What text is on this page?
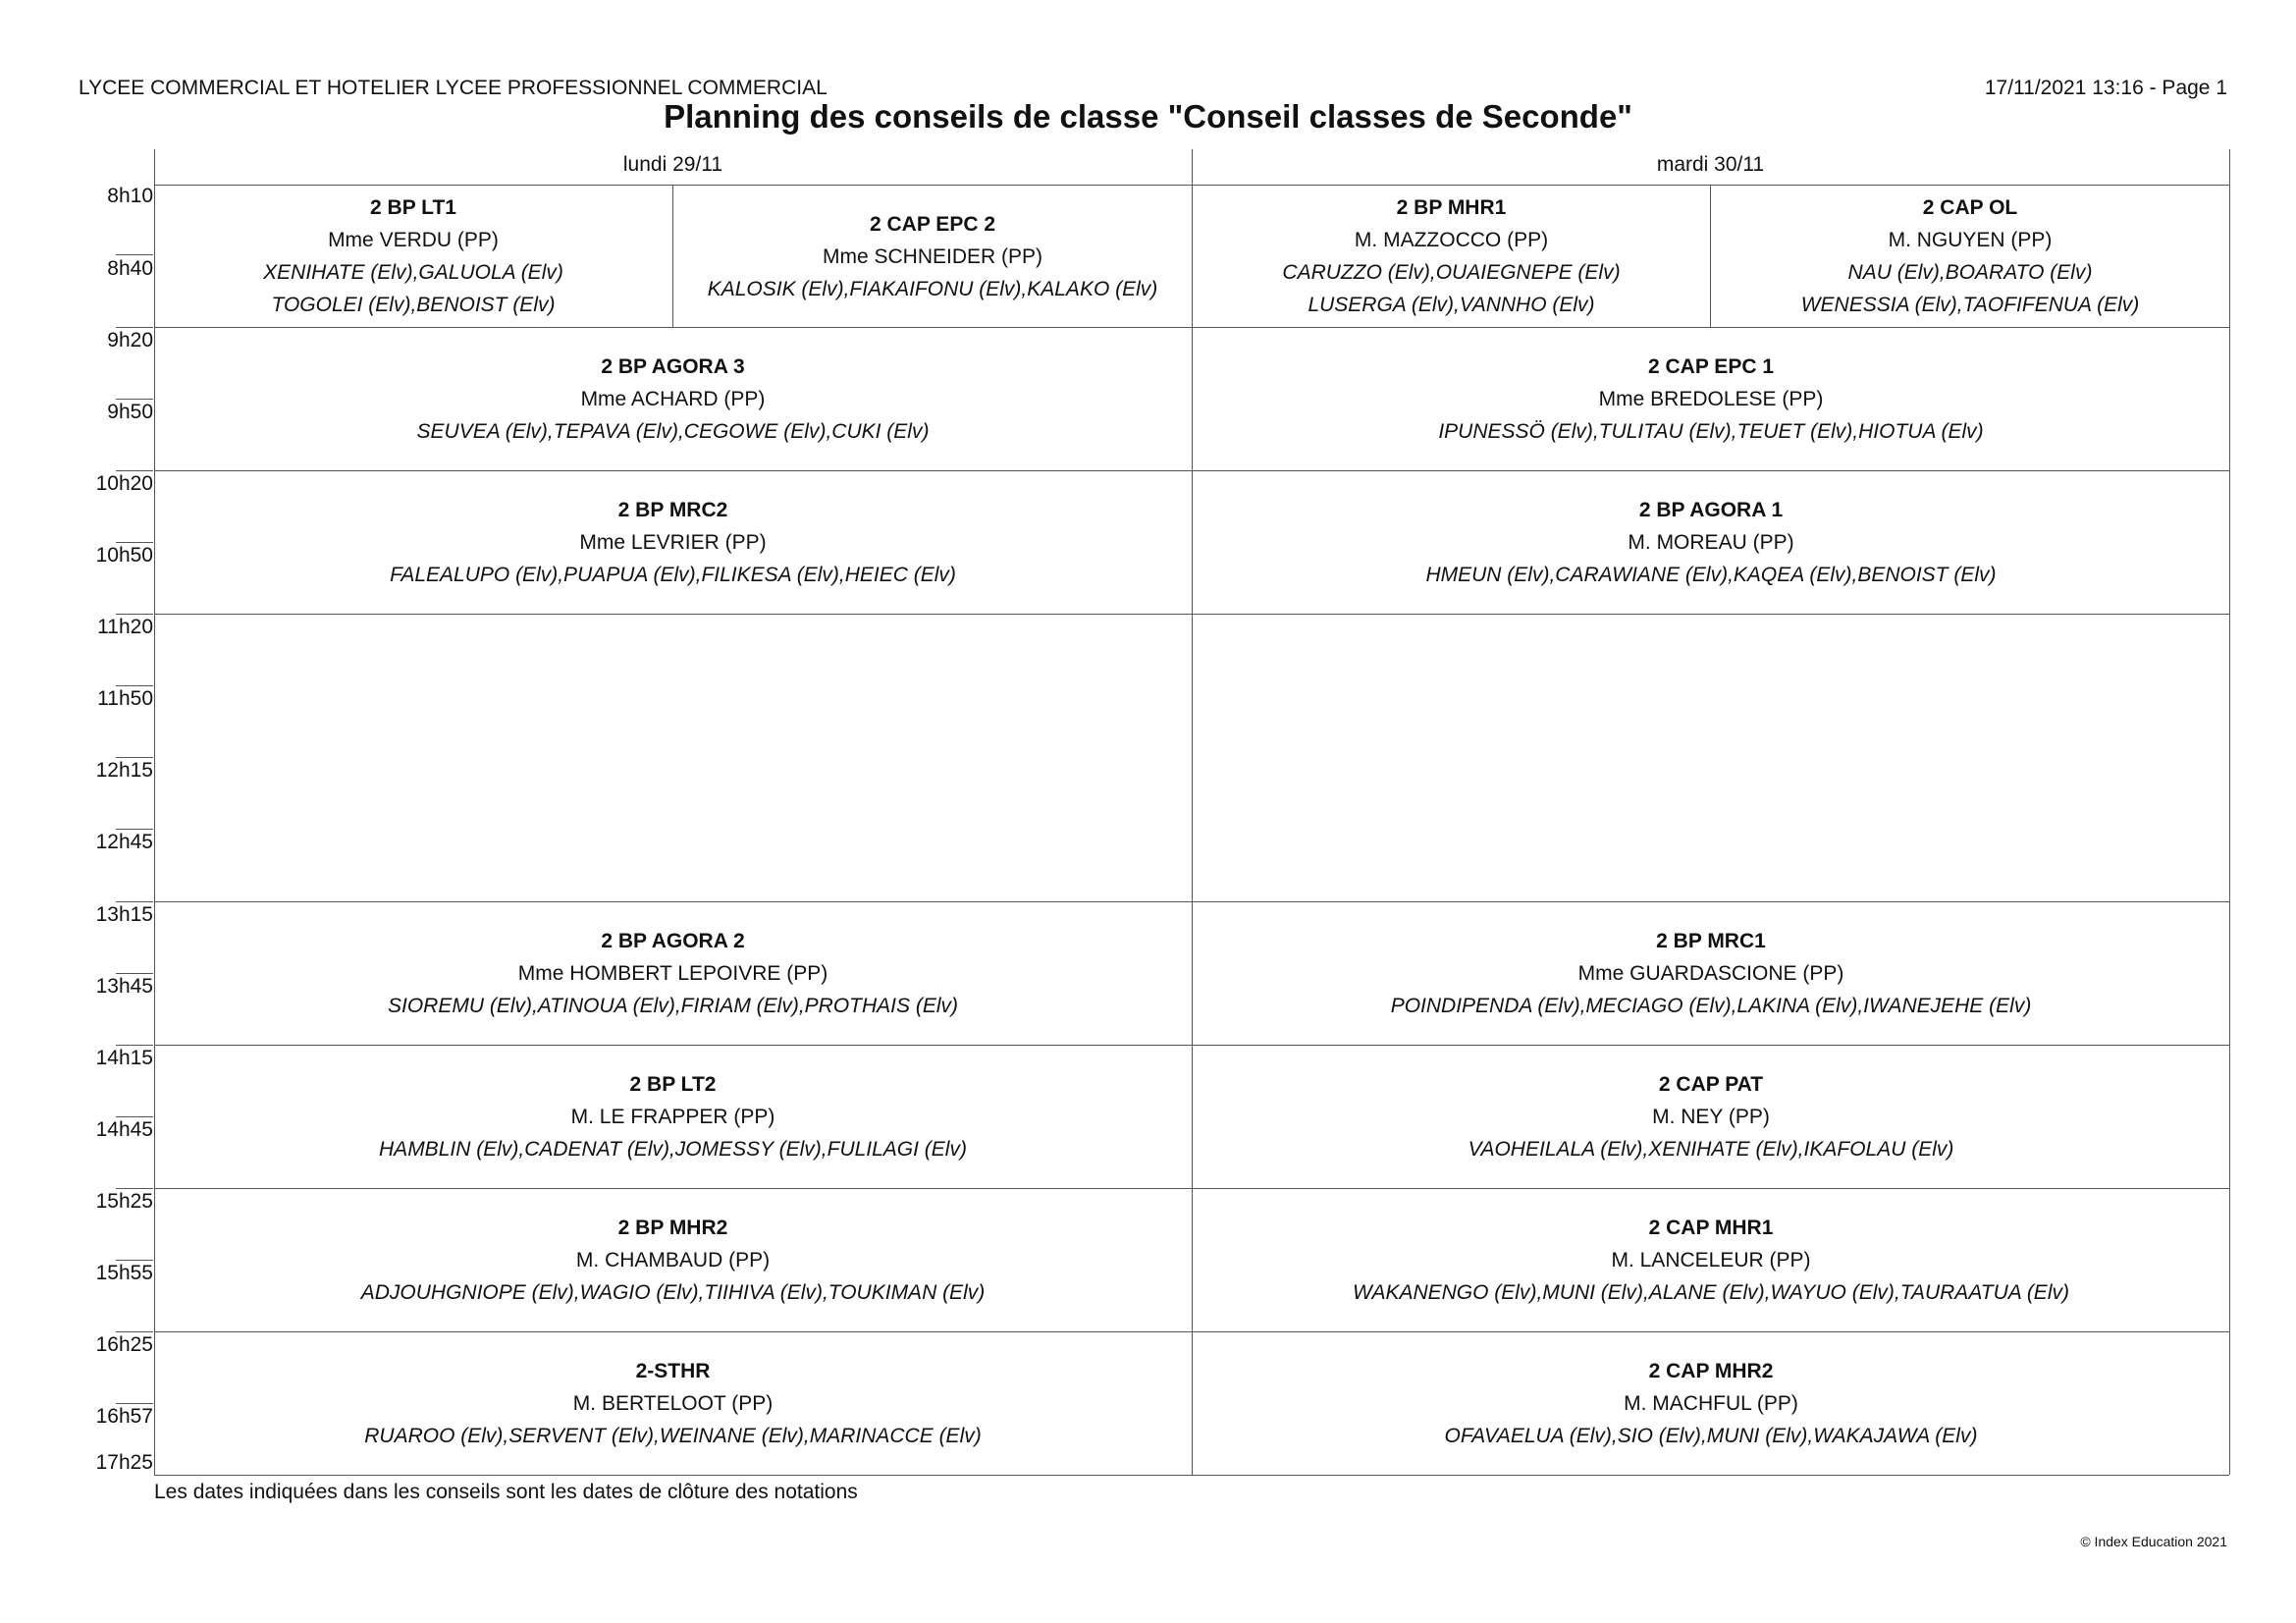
LYCEE COMMERCIAL ET HOTELIER LYCEE PROFESSIONNEL COMMERCIAL	17/11/2021 13:16 - Page 1
Planning des conseils de classe "Conseil classes de Seconde"
lundi 29/11	mardi 30/11
8h10
8h40
9h20
9h50
10h20
10h50
11h20
11h50
12h15
12h45
13h15
13h45
14h15
14h45
15h25
15h55
16h25
16h57
17h25
2 BP LT1
Mme VERDU (PP)
XENIHATE (Elv),GALUOLA (Elv)
TOGOLEI (Elv),BENOIST (Elv)
2 CAP EPC 2
Mme SCHNEIDER (PP)
KALOSIK (Elv),FIAKAIFONU (Elv),KALAKO (Elv)
2 BP MHR1
M. MAZZOCCO (PP)
CARUZZO (Elv),OUAIEGNEPE (Elv)
LUSERGA (Elv),VANNHO (Elv)
2 CAP OL
M. NGUYEN (PP)
NAU (Elv),BOARATO (Elv)
WENESSIA (Elv),TAOFIFENUA (Elv)
2 BP AGORA 3
Mme ACHARD (PP)
SEUVEA (Elv),TEPAVA (Elv),CEGOWE (Elv),CUKI (Elv)
2 CAP EPC 1
Mme BREDOLESE (PP)
IPUNESSÖ (Elv),TULITAU (Elv),TEUET (Elv),HIOTUA (Elv)
2 BP MRC2
Mme LEVRIER (PP)
FALEALUPO (Elv),PUAPUA (Elv),FILIKESA (Elv),HEIEC (Elv)
2 BP AGORA 1
M. MOREAU (PP)
HMEUN (Elv),CARAWIANE (Elv),KAQEA (Elv),BENOIST (Elv)
2 BP AGORA 2
Mme HOMBERT LEPOIVRE (PP)
SIOREMU (Elv),ATINOUA (Elv),FIRIAM (Elv),PROTHAIS (Elv)
2 BP MRC1
Mme GUARDASCIONE (PP)
POINDIPENDA (Elv),MECIAGO (Elv),LAKINA (Elv),IWANEJEHE (Elv)
2 BP LT2
M. LE FRAPPER (PP)
HAMBLIN (Elv),CADENAT (Elv),JOMESSY (Elv),FULILAGI (Elv)
2 CAP PAT
M. NEY (PP)
VAOHEILALA (Elv),XENIHATE (Elv),IKAFOLAU (Elv)
2 BP MHR2
M. CHAMBAUD (PP)
ADJOUHGNIOPE (Elv),WAGIO (Elv),TIIHIVA (Elv),TOUKIMAN (Elv)
2 CAP MHR1
M. LANCELEUR (PP)
WAKANENGO (Elv),MUNI (Elv),ALANE (Elv),WAYUO (Elv),TAURAATUA (Elv)
2-STHR
M. BERTELOOT (PP)
RUAROO (Elv),SERVENT (Elv),WEINANE (Elv),MARINACCE (Elv)
2 CAP MHR2
M. MACHFUL (PP)
OFAVAELUA (Elv),SIO (Elv),MUNI (Elv),WAKAJAWA (Elv)
Les dates indiquées dans les conseils sont les dates de clôture des notations
© Index Education 2021
